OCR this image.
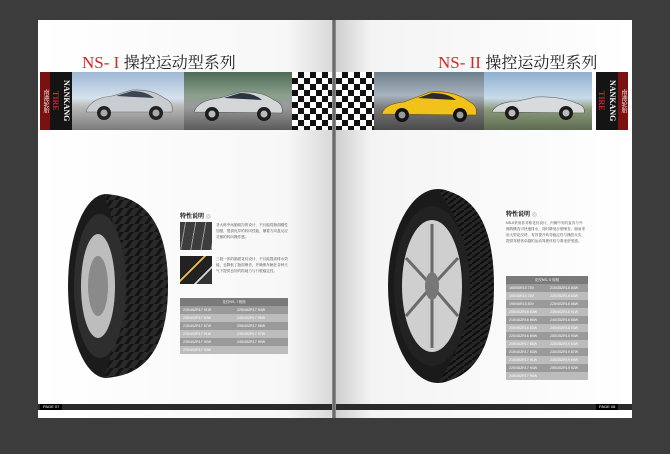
NS- I 操控运动型系列
南港轮胎	NANKANG TIRE
特性说明 ◎
非大称中间胎面沟的设计，不仅能将胎面刚性加强，提供优异的转向性能，顺着方向盘反应灵敏的转向操作感。
三段一体的胎面花纹设计，不仅能提高排水效能，也降低了胎面噪音，并确保车辆在各种天气下提供良好的抓地力与行驶稳定性。
花纹NS- I 规格	
215/45ZR17 91W	225/45ZR17 94W
205/40ZR17 84W	245/40ZR17 95W
215/40ZR17 87W	255/40ZR17 98W
225/40ZR17 91W	235/45ZR17 97W
235/40ZR17 90W	245/45ZR17 99W
235/45ZR17 94W	
PAGE 07
NS- II 操控运动型系列
NANKANG TIRE	南港轮胎
特性说明 ◎
NS-II采用非对称花纹设计，内侧中央的直沟与外侧的横沟可快速排水，同时降低行驶噪音。胎肩采用大型花纹块，有效提升转弯稳定性与操控反应，提供驾驶者卓越的运动驾驶体验与乘坐舒适感。
花纹NS- II 规格	
165/55R15 75V	215/35ZR18 80W
185/45R15 78V	225/35ZR18 83W
195/45R15 80V	225/40ZR18 88W
205/40ZR16 83W	235/40ZR18 91W
215/45ZR16 86W	245/35ZR18 88W
205/45ZR16 83W	245/40ZR18 93W
225/45ZR16 89W	255/35ZR18 90W
205/45ZR17 88W	225/35ZR19 84W
215/40ZR17 83W	235/35ZR19 87W
215/45ZR17 91W	245/35ZR19 89W
225/45ZR17 94W	255/35ZR19 92W
245/45ZR17 95W	
PAGE 08
